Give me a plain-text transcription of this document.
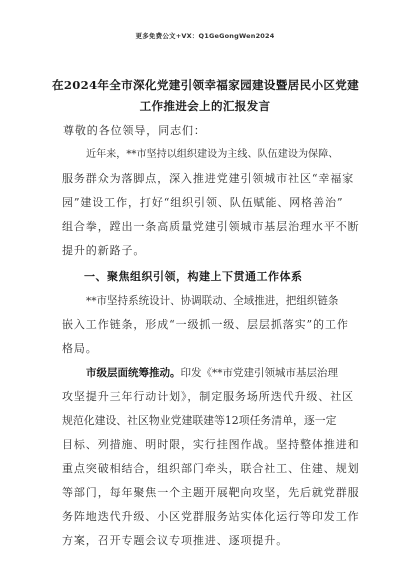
更多免费公文+VX：Q1GeGongWen2024
在2024年全市深化党建引领幸福家园建设暨居民小区党建
工作推进会上的汇报发言
尊敬的各位领导，同志们：
近年来，**市坚持以组织建设为主线、队伍建设为保障、
服务群众为落脚点，深入推进党建引领城市社区“幸福家
园”建设工作，打好“组织引领、队伍赋能、网格善治”
组合拳，蹚出一条高质量党建引领城市基层治理水平不断
提升的新路子。
一、聚焦组织引领，构建上下贯通工作体系
**市坚持系统设计、协调联动、全域推进，把组织链条
嵌入工作链条，形成“一级抓一级、层层抓落实”的工作
格局。
市级层面统筹推动。印发《**市党建引领城市基层治理
攻坚提升三年行动计划》，制定服务场所迭代升级、社区
规范化建设、社区物业党建联建等12项任务清单，逐一定
目标、列措施、明时限，实行挂图作战。坚持整体推进和
重点突破相结合，组织部门牵头，联合社工、住建、规划
等部门，每年聚焦一个主题开展靶向攻坚，先后就党群服
务阵地迭代升级、小区党群服务站实体化运行等印发工作
方案，召开专题会议专项推进、逐项提升。
